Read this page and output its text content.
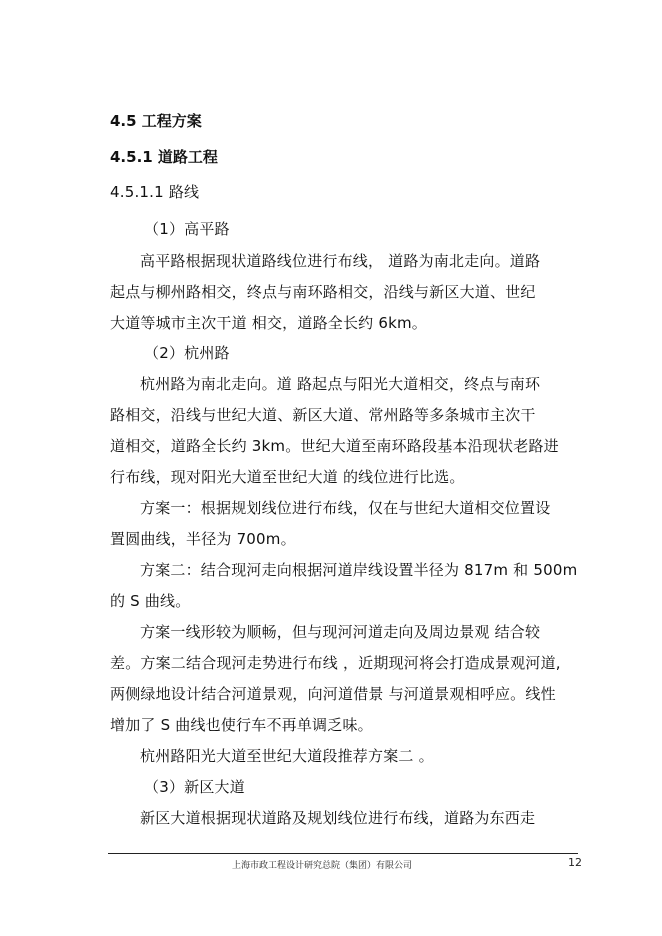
4.5 工程方案
4.5.1 道路工程
4.5.1.1 路线
（1）高平路
高平路根据现状道路线位进行布线， 道路为南北走向。道路
起点与柳州路相交，终点与南环路相交，沿线与新区大道、世纪
大道等城市主次干道 相交，道路全长约 6km。
（2）杭州路
杭州路为南北走向。道 路起点与阳光大道相交，终点与南环
路相交，沿线与世纪大道、新区大道、常州路等多条城市主次干
道相交，道路全长约 3km。世纪大道至南环路段基本沿现状老路进
行布线，现对阳光大道至世纪大道 的线位进行比选。
方案一：根据规划线位进行布线，仅在与世纪大道相交位置设
置圆曲线，半径为 700m。
方案二：结合现河走向根据河道岸线设置半径为 817m 和 500m
的 S 曲线。
方案一线形较为顺畅，但与现河河道走向及周边景观 结合较
差。方案二结合现河走势进行布线 ，近期现河将会打造成景观河道,
两侧绿地设计结合河道景观，向河道借景 与河道景观相呼应。线性
增加了 S 曲线也使行车不再单调乏味。
杭州路阳光大道至世纪大道段推荐方案二 。
（3）新区大道
新区大道根据现状道路及规划线位进行布线，道路为东西走
上海市政工程设计研究总院（集团）有限公司	12
